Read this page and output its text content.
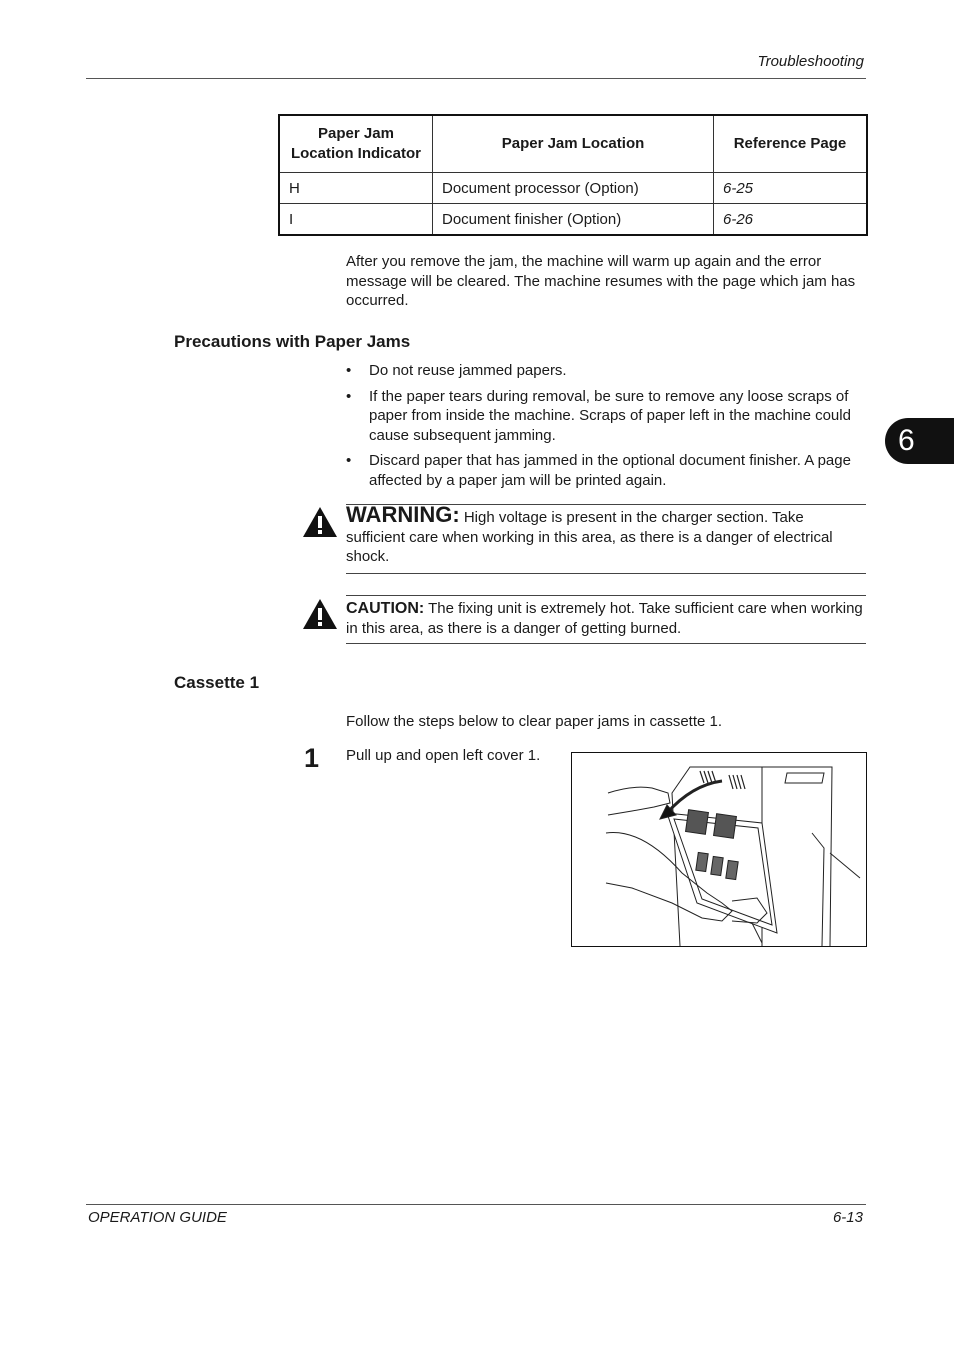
Troubleshooting
Paper Jam Location Indicator	Paper Jam Location	Reference Page
H	Document processor (Option)	6-25
I	Document finisher (Option)	6-26

After you remove the jam, the machine will warm up again and the error message will be cleared. The machine resumes with the page which jam has occurred.

Precautions with Paper Jams
• Do not reuse jammed papers.
• If the paper tears during removal, be sure to remove any loose scraps of paper from inside the machine. Scraps of paper left in the machine could cause subsequent jamming.
• Discard paper that has jammed in the optional document finisher. A page affected by a paper jam will be printed again.
WARNING: High voltage is present in the charger section. Take sufficient care when working in this area, as there is a danger of electrical shock.
CAUTION: The fixing unit is extremely hot. Take sufficient care when working in this area, as there is a danger of getting burned.
Cassette 1

Follow the steps below to clear paper jams in cassette 1.

1 Pull up and open left cover 1.
6
OPERATION GUIDE	6-13
